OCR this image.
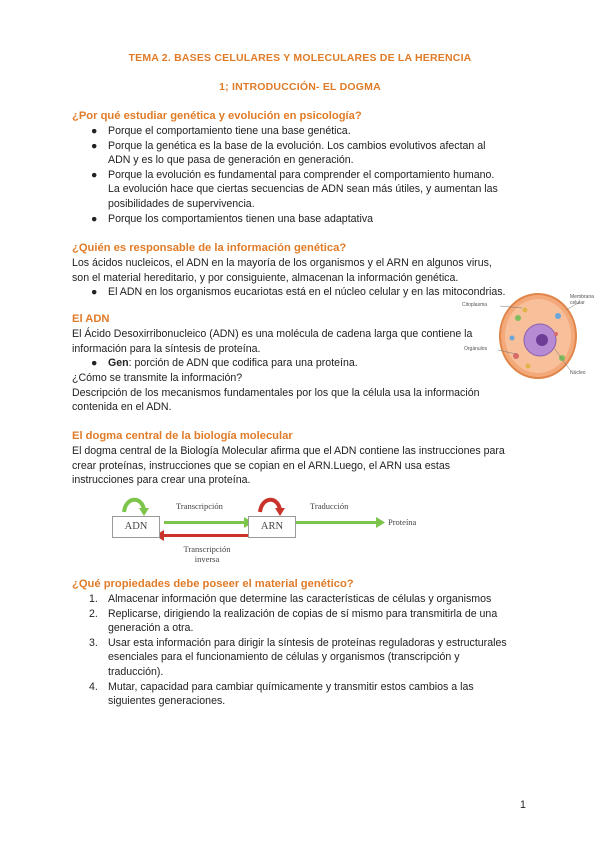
TEMA 2. BASES CELULARES Y MOLECULARES DE LA HERENCIA
1; INTRODUCCIÓN- EL DOGMA
¿Por qué estudiar genética y evolución en psicología?
● Porque el comportamiento tiene una base genética.
● Porque la genética es la base de la evolución. Los cambios evolutivos afectan al
ADN y es lo que pasa de generación en generación.
● Porque la evolución es fundamental para comprender el comportamiento humano.
La evolución hace que ciertas secuencias de ADN sean más útiles, y aumentan las
posibilidades de supervivencia.
● Porque los comportamientos tienen una base adaptativa
¿Quién es responsable de la información genética?
Los ácidos nucleicos, el ADN en la mayoría de los organismos y el ARN en algunos virus,
son el material hereditario, y por consiguiente, almacenan la información genética.
● El ADN en los organismos eucariotas está en el núcleo celular y en las mitocondrias.
Citoplasma
Membrana celular
Orgánulos
Núcleo
El ADN
El Ácido Desoxirribonucleico (ADN) es una molécula de cadena larga que contiene la
información para la síntesis de proteína.
● Gen: porción de ADN que codifica para una proteína.
¿Cómo se transmite la información?
Descripción de los mecanismos fundamentales por los que la célula usa la información
contenida en el ADN.
El dogma central de la biología molecular
El dogma central de la Biología Molecular afirma que el ADN contiene las instrucciones para
crear proteínas, instrucciones que se copian en el ARN.Luego, el ARN usa estas
instrucciones para crear una proteína.
ADN	ARN
Transcripción	Traducción
Proteína
Transcripción
inversa
¿Qué propiedades debe poseer el material genético?
1. Almacenar información que determine las características de células y organismos
2. Replicarse, dirigiendo la realización de copias de sí mismo para transmitirla de una
generación a otra.
3. Usar esta información para dirigir la síntesis de proteínas reguladoras y estructurales
esenciales para el funcionamiento de células y organismos (transcripción y
traducción).
4. Mutar, capacidad para cambiar químicamente y transmitir estos cambios a las
siguientes generaciones.
1
